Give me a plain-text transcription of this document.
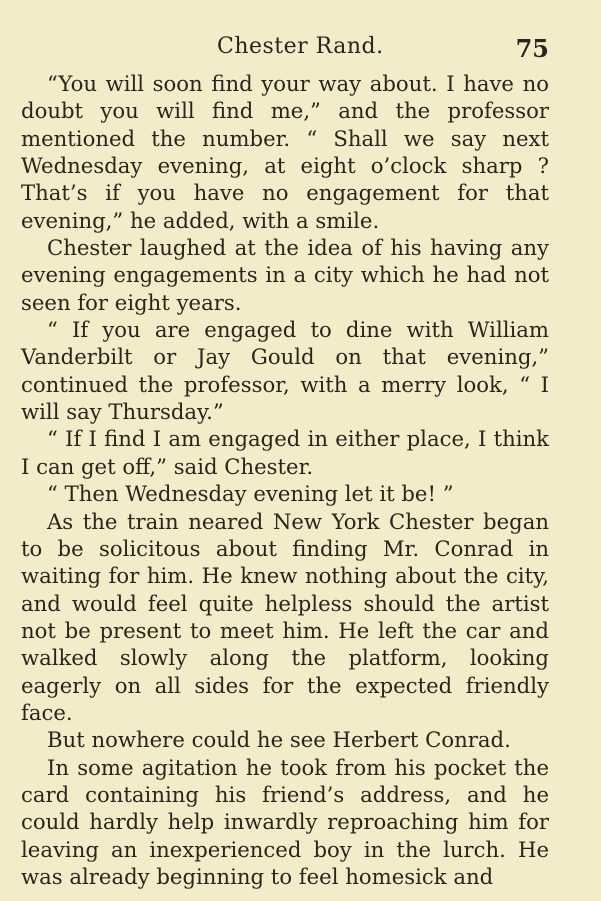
Chester Rand.	75

“You will soon find your way about. I have no doubt you will find me,” and the professor mentioned the number. “ Shall we say next Wednesday evening, at eight o’clock sharp ? That’s if you have no engagement for that evening,” he added, with a smile.

Chester laughed at the idea of his having any evening engagements in a city which he had not seen for eight years.

“ If you are engaged to dine with William Vanderbilt or Jay Gould on that evening,” continued the professor, with a merry look, “ I will say Thursday.”

“ If I find I am engaged in either place, I think I can get off,” said Chester.

“ Then Wednesday evening let it be! ”

As the train neared New York Chester began to be solicitous about finding Mr. Conrad in waiting for him. He knew nothing about the city, and would feel quite helpless should the artist not be present to meet him. He left the car and walked slowly along the platform, looking eagerly on all sides for the expected friendly face.

But nowhere could he see Herbert Conrad.

In some agitation he took from his pocket the card containing his friend’s address, and he could hardly help inwardly reproaching him for leaving an inexperienced boy in the lurch. He was already beginning to feel homesick and
